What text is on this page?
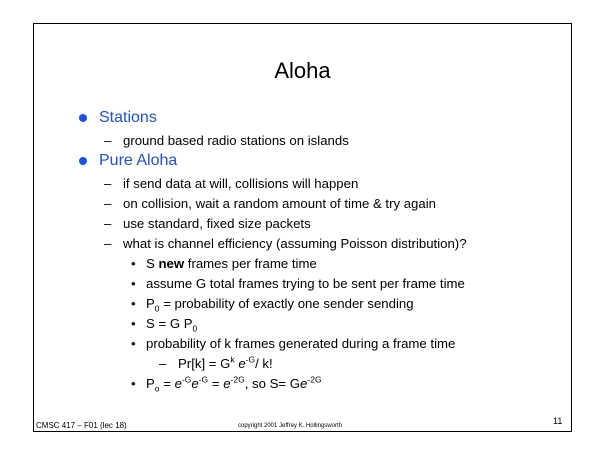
Aloha
Stations
– ground based radio stations on islands
Pure Aloha
– if send data at will, collisions will happen
– on collision, wait a random amount of time & try again
– use standard, fixed size packets
– what is channel efficiency (assuming Poisson distribution)?
• S new frames per frame time
• assume G total frames trying to be sent per frame time
• $P_0$ = probability of exactly one sender sending
• S = G $P_0$
• probability of k frames generated during a frame time
– $Pr[k] = G^k$ $e^{-G}/$ k!
• $P_o = e^{-G}e^{-G} = e^{-2G}$, so $S= Ge^{-2G}$
CMSC 417 – F01 (lec 18)	copyright 2001 Jeffrey K. Hollingsworth	11
